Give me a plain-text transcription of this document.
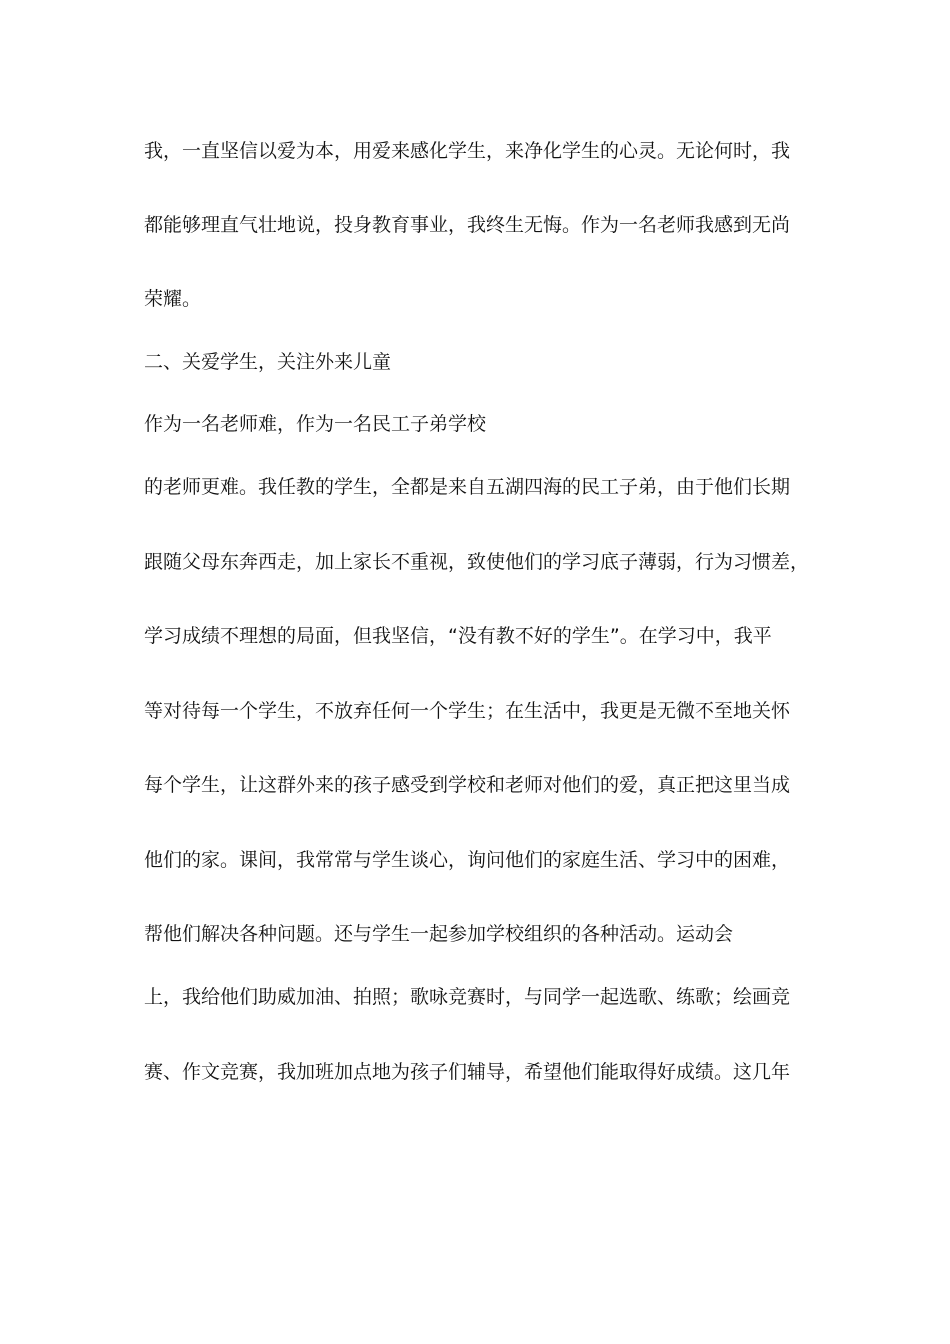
我，一直坚信以爱为本，用爱来感化学生，来净化学生的心灵。无论何时，我
都能够理直气壮地说，投身教育事业，我终生无悔。作为一名老师我感到无尚
荣耀。
二、关爱学生，关注外来儿童
作为一名老师难，作为一名民工子弟学校
的老师更难。我任教的学生，全都是来自五湖四海的民工子弟，由于他们长期
跟随父母东奔西走，加上家长不重视，致使他们的学习底子薄弱，行为习惯差，
学习成绩不理想的局面，但我坚信，“没有教不好的学生”。在学习中，我平
等对待每一个学生，不放弃任何一个学生；在生活中，我更是无微不至地关怀
每个学生，让这群外来的孩子感受到学校和老师对他们的爱，真正把这里当成
他们的家。课间，我常常与学生谈心，询问他们的家庭生活、学习中的困难，
帮他们解决各种问题。还与学生一起参加学校组织的各种活动。运动会
上，我给他们助威加油、拍照；歌咏竞赛时，与同学一起选歌、练歌；绘画竞
赛、作文竞赛，我加班加点地为孩子们辅导，希望他们能取得好成绩。这几年
